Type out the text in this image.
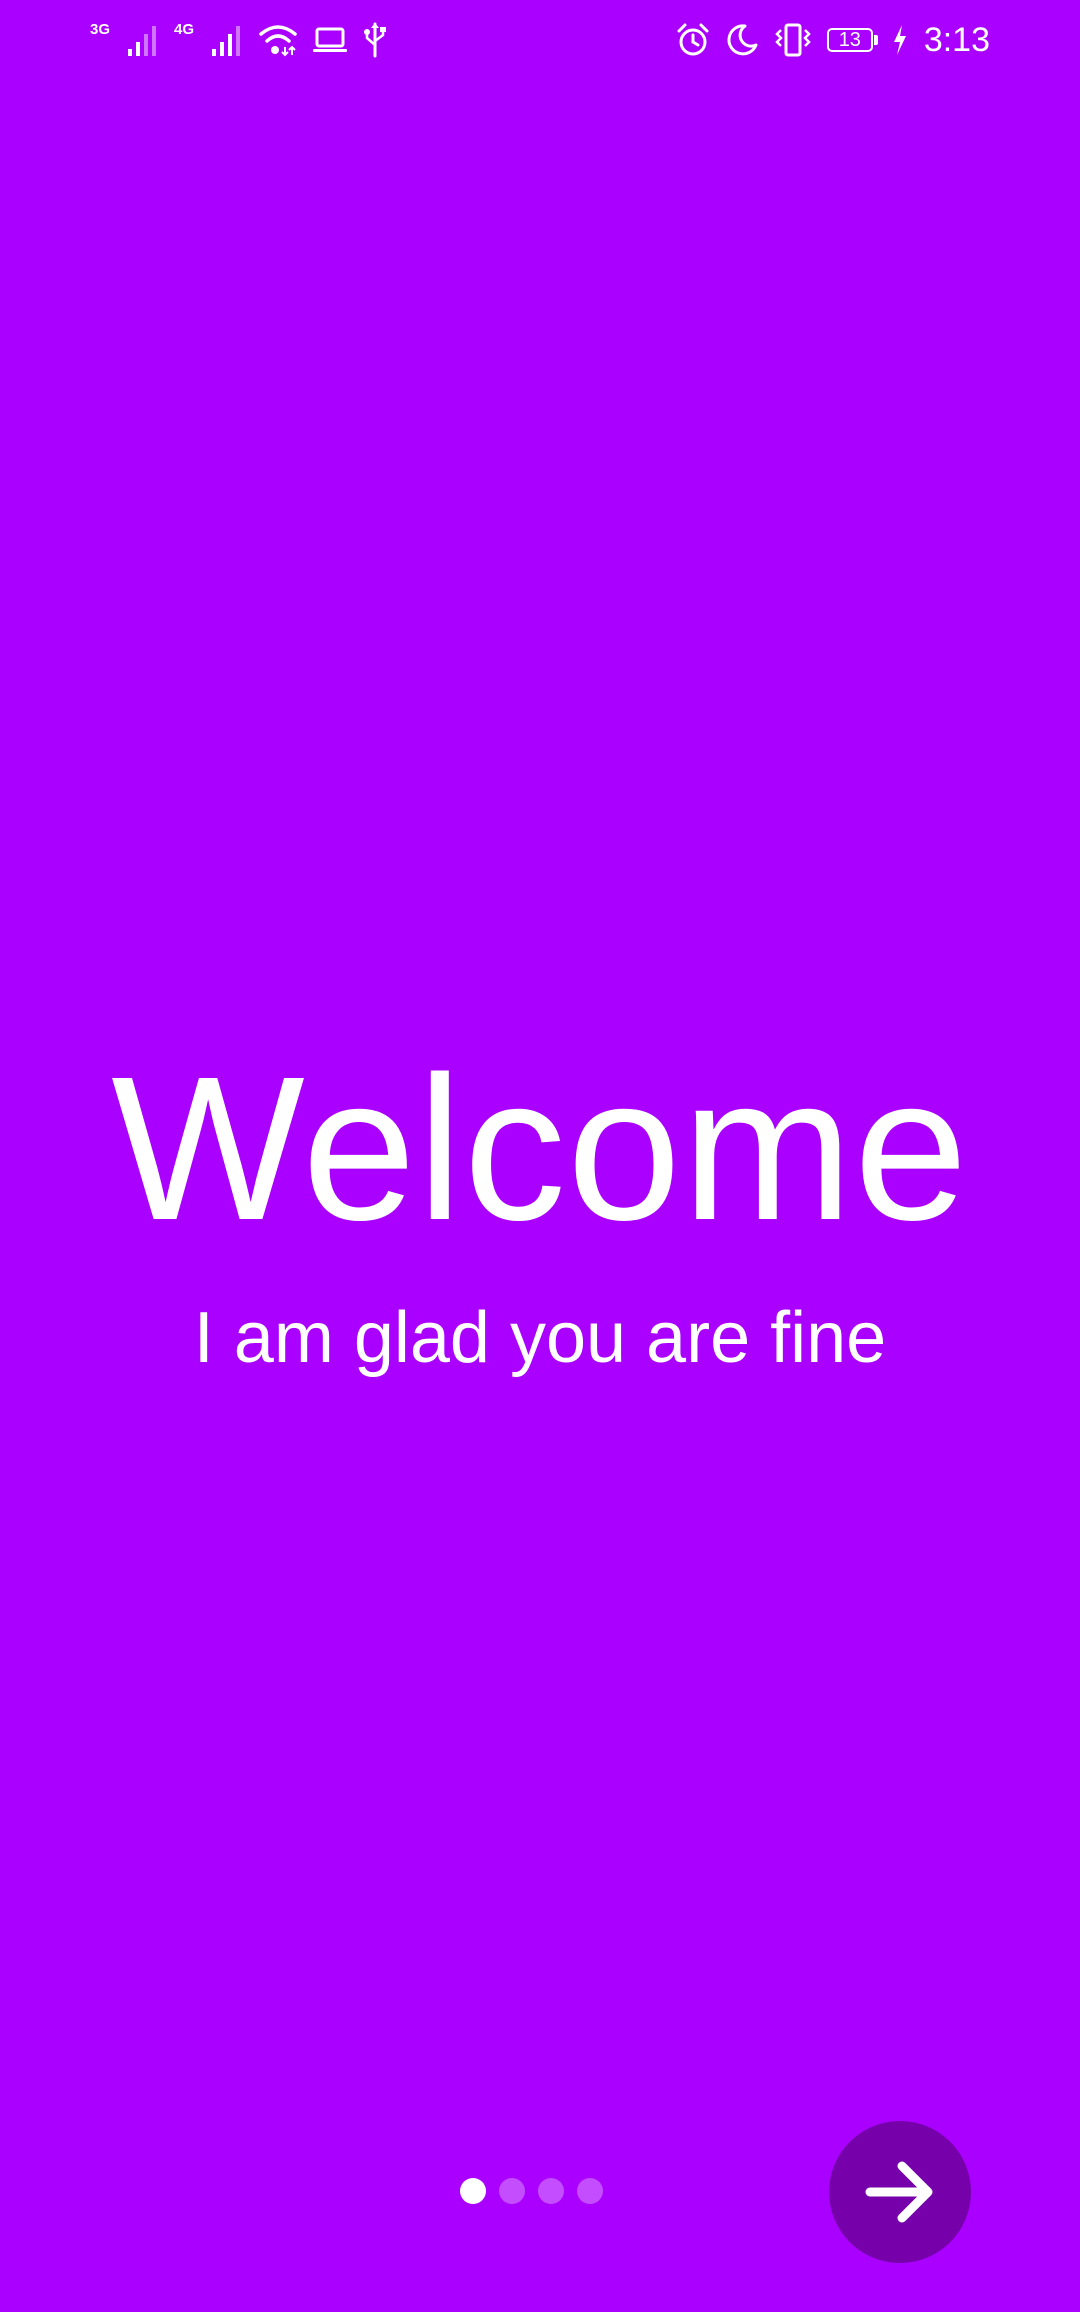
3G	4G	13	3:13
Welcome
I am glad you are fine
